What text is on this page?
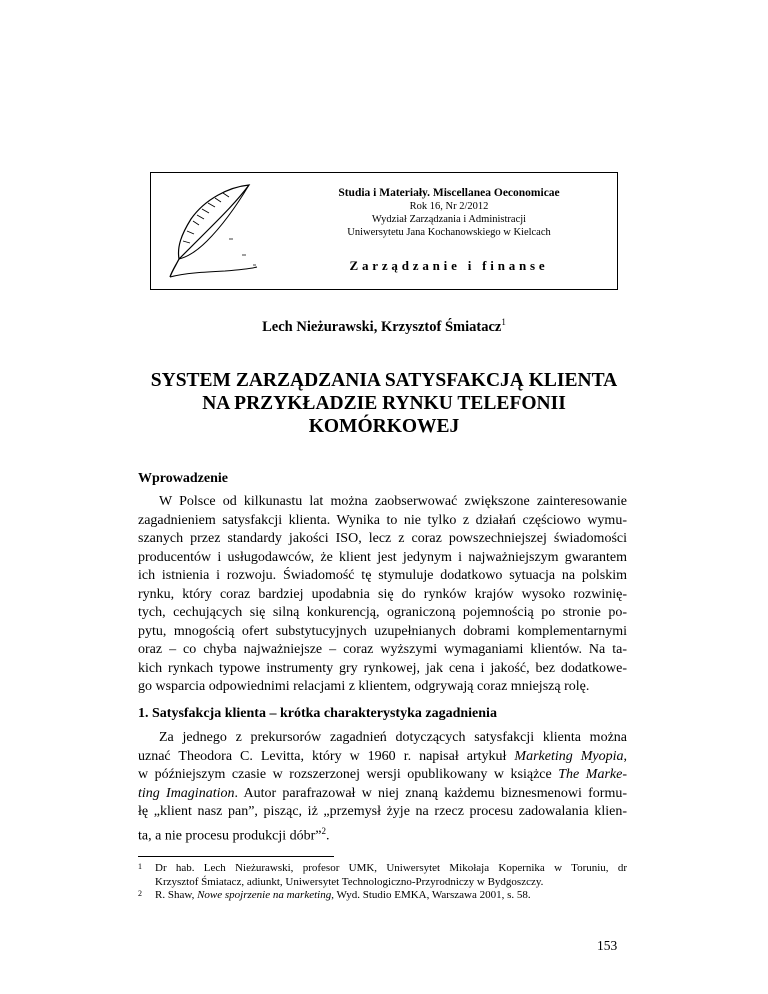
Studia i Materiały. Miscellanea Oeconomicae
Rok 16, Nr 2/2012
Wydział Zarządzania i Administracji
Uniwersytetu Jana Kochanowskiego w Kielcach
Zarządzanie i finanse
Lech Nieżurawski, Krzysztof Śmiatacz$^1$
SYSTEM ZARZĄDZANIA SATYSFAKCJĄ KLIENTA
NA PRZYKŁADZIE RYNKU TELEFONII
KOMÓRKOWEJ
Wprowadzenie
W Polsce od kilkunastu lat można zaobserwować zwiększone zainteresowanie
zagadnieniem satysfakcji klienta. Wynika to nie tylko z działań częściowo wymu-
szanych przez standardy jakości ISO, lecz z coraz powszechniejszej świadomości
producentów i usługodawców, że klient jest jedynym i najważniejszym gwarantem
ich istnienia i rozwoju. Świadomość tę stymuluje dodatkowo sytuacja na polskim
rynku, który coraz bardziej upodabnia się do rynków krajów wysoko rozwinię-
tych, cechujących się silną konkurencją, ograniczoną pojemnością po stronie po-
pytu, mnogością ofert substytucyjnych uzupełnianych dobrami komplementarnymi
oraz – co chyba najważniejsze – coraz wyższymi wymaganiami klientów. Na ta-
kich rynkach typowe instrumenty gry rynkowej, jak cena i jakość, bez dodatkowe-
go wsparcia odpowiednimi relacjami z klientem, odgrywają coraz mniejszą rolę.
1. Satysfakcja klienta – krótka charakterystyka zagadnienia
Za jednego z prekursorów zagadnień dotyczących satysfakcji klienta można
uznać Theodora C. Levitta, który w 1960 r. napisał artykuł Marketing Myopia,
w późniejszym czasie w rozszerzonej wersji opublikowany w książce The Marke-
ting Imagination. Autor parafrazował w niej znaną każdemu biznesmenowi formu-
łę „klient nasz pan”, pisząc, iż „przemysł żyje na rzecz procesu zadowalania klien-
ta, a nie procesu produkcji dóbr”$^2$.
1 Dr hab. Lech Nieżurawski, profesor UMK, Uniwersytet Mikołaja Kopernika w Toruniu, dr
Krzysztof Śmiatacz, adiunkt, Uniwersytet Technologiczno-Przyrodniczy w Bydgoszczy.
2 R. Shaw, Nowe spojrzenie na marketing, Wyd. Studio EMKA, Warszawa 2001, s. 58.
153
